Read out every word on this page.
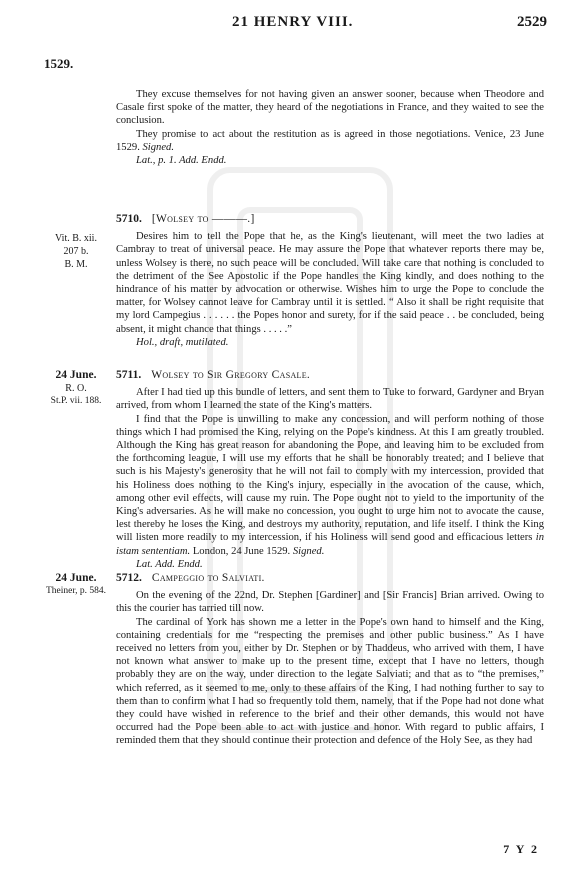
21 HENRY VIII.	2529
1529.

They excuse themselves for not having given an answer sooner, because when Theodore and Casale first spoke of the matter, they heard of the negotiations in France, and they waited to see the conclusion.

They promise to act about the restitution as is agreed in those negotiations. Venice, 23 June 1529. Signed.

Lat., p. 1. Add. Endd.
Vit. B. xii.
207 b.
B. M.
5710. [Wolsey to ———.]

Desires him to tell the Pope that he, as the King's lieutenant, will meet the two ladies at Cambray to treat of universal peace. He may assure the Pope that whatever reports there may be, unless Wolsey is there, no such peace will be concluded. Will take care that nothing is concluded to the detriment of the See Apostolic if the Pope handles the King kindly, and does nothing to the hindrance of his matter by advocation or otherwise. Wishes him to urge the Pope to conclude the matter, for Wolsey cannot leave for Cambray until it is settled. “ Also it shall be right requisite that my lord Campegius . . . . . . the Popes honor and surety, for if the said peace . . be concluded, being absent, it might chance that things . . . . .”

Hol., draft, mutilated.
24 June.
R. O.
St.P. vii. 188.
5711. Wolsey to Sir Gregory Casale.

After I had tied up this bundle of letters, and sent them to Tuke to forward, Gardyner and Bryan arrived, from whom I learned the state of the King's matters.

I find that the Pope is unwilling to make any concession, and will perform nothing of those things which I had promised the King, relying on the Pope's kindness. At this I am greatly troubled. Although the King has great reason for abandoning the Pope, and leaving him to be excluded from the forthcoming league, I will use my efforts that he shall be honorably treated; and I believe that such is his Majesty's generosity that he will not fail to comply with my intercession, provided that his Holiness does nothing to the King's injury, especially in the avocation of the cause, which, among other evil effects, will cause my ruin. The Pope ought not to yield to the importunity of the King's adversaries. As he will make no concession, you ought to urge him not to avocate the cause, lest thereby he loses the King, and destroys my authority, reputation, and life itself. I think the King will listen more readily to my intercession, if his Holiness will send good and efficacious letters in istam sententiam. London, 24 June 1529. Signed.

Lat. Add. Endd.
24 June.
Theiner, p. 584.
5712. Campeggio to Salviati.

On the evening of the 22nd, Dr. Stephen [Gardiner] and [Sir Francis] Brian arrived. Owing to this the courier has tarried till now.

The cardinal of York has shown me a letter in the Pope's own hand to himself and the King, containing credentials for me “respecting the premises and other public business.” As I have received no letters from you, either by Dr. Stephen or by Thaddeus, who arrived with them, I have not known what answer to make up to the present time, except that I have no letters, though probably they are on the way, under direction to the legate Salviati; and that as to “the premises,” which referred, as it seemed to me, only to these affairs of the King, I had nothing further to say to them than to confirm what I had so frequently told them, namely, that if the Pope had not done what they could have wished in reference to the brief and their other demands, this would not have occurred had the Pope been able to act with justice and honor. With regard to public affairs, I reminded them that they should continue their protection and defence of the Holy See, as they had

7 Y 2
